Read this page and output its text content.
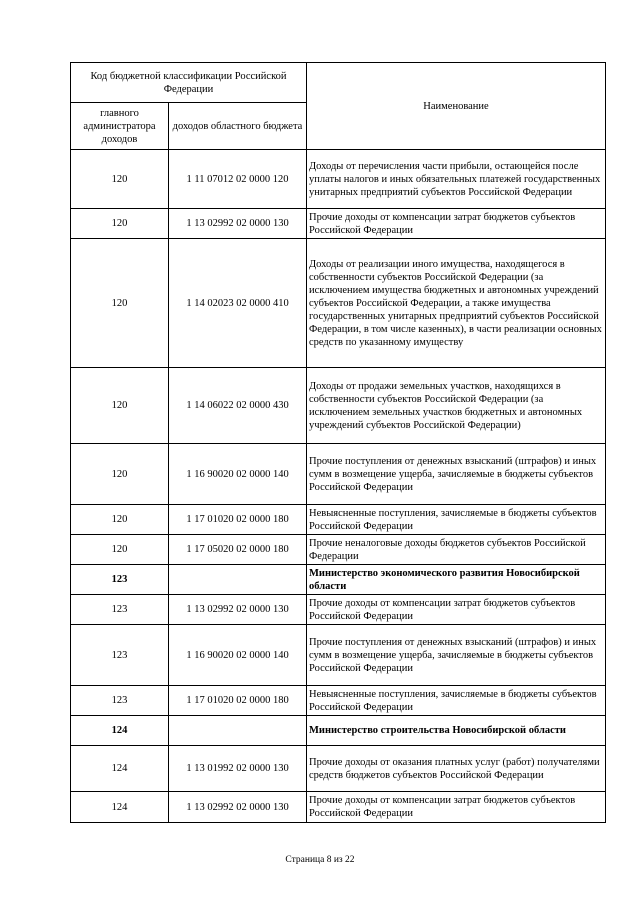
Код бюджетной классификации Российской Федерации		Наименование
главного администратора доходов	доходов областного бюджета	
120	1 11 07012 02 0000 120	Доходы от перечисления части прибыли, остающейся после уплаты налогов и иных обязательных платежей государственных унитарных предприятий субъектов Российской Федерации
120	1 13 02992 02 0000 130	Прочие доходы от компенсации затрат бюджетов субъектов Российской Федерации
120	1 14 02023 02 0000 410	Доходы от реализации иного имущества, находящегося в собственности субъектов Российской Федерации (за исключением имущества бюджетных и автономных учреждений субъектов Российской Федерации, а также имущества государственных унитарных предприятий субъектов Российской Федерации, в том числе казенных), в части реализации основных средств по указанному имуществу
120	1 14 06022 02 0000 430	Доходы от продажи земельных участков, находящихся в собственности субъектов Российской Федерации (за исключением земельных участков бюджетных и автономных учреждений субъектов Российской Федерации)
120	1 16 90020 02 0000 140	Прочие поступления от денежных взысканий (штрафов) и иных сумм в возмещение ущерба, зачисляемые в бюджеты субъектов Российской Федерации
120	1 17 01020 02 0000 180	Невыясненные поступления, зачисляемые в бюджеты субъектов Российской Федерации
120	1 17 05020 02 0000 180	Прочие неналоговые доходы бюджетов субъектов Российской Федерации
123		Министерство экономического развития Новосибирской области
123	1 13 02992 02 0000 130	Прочие доходы от компенсации затрат бюджетов субъектов Российской Федерации
123	1 16 90020 02 0000 140	Прочие поступления от денежных взысканий (штрафов) и иных сумм в возмещение ущерба, зачисляемые в бюджеты субъектов Российской Федерации
123	1 17 01020 02 0000 180	Невыясненные поступления, зачисляемые в бюджеты субъектов Российской Федерации
124		Министерство строительства Новосибирской области
124	1 13 01992 02 0000 130	Прочие доходы от оказания платных услуг (работ) получателями средств бюджетов субъектов Российской Федерации
124	1 13 02992 02 0000 130	Прочие доходы от компенсации затрат бюджетов субъектов Российской Федерации
Страница 8 из 22
